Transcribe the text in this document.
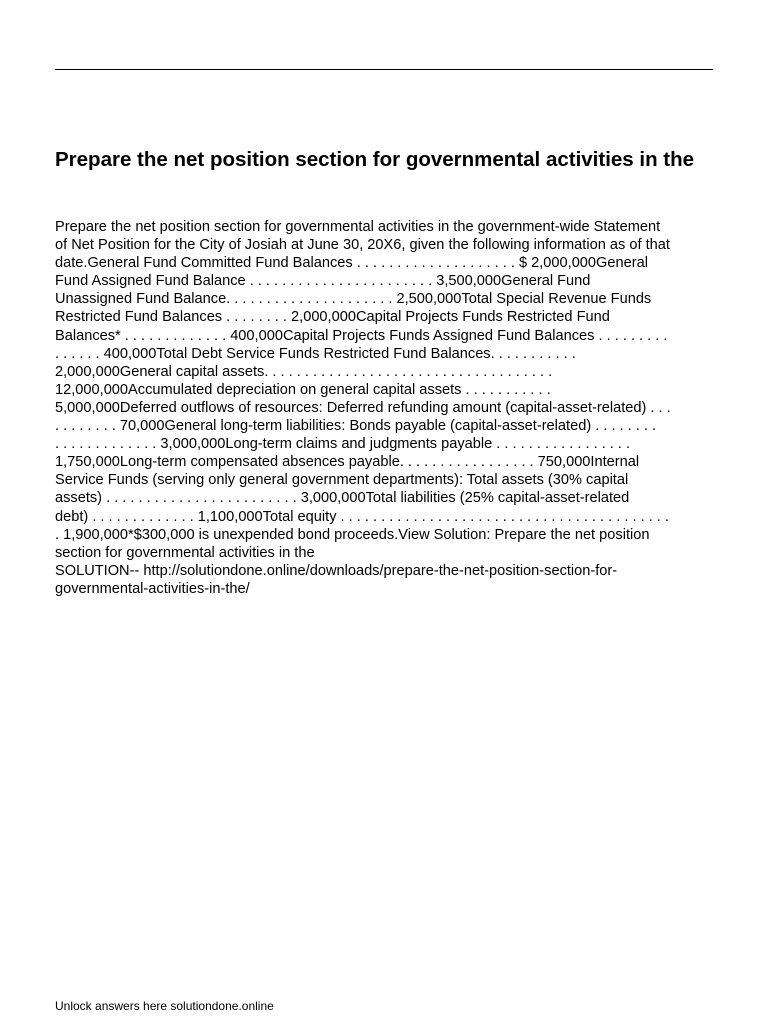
Prepare the net position section for governmental activities in the

Prepare the net position section for governmental activities in the government-wide Statement
of Net Position for the City of Josiah at June 30, 20X6, given the following information as of that
date.General Fund Committed Fund Balances . . . . . . . . . . . . . . . . . . . . $ 2,000,000General
Fund Assigned Fund Balance . . . . . . . . . . . . . . . . . . . . . . . 3,500,000General Fund
Unassigned Fund Balance. . . . . . . . . . . . . . . . . . . . . 2,500,000Total Special Revenue Funds
Restricted Fund Balances . . . . . . . . 2,000,000Capital Projects Funds Restricted Fund
Balances* . . . . . . . . . . . . . 400,000Capital Projects Funds Assigned Fund Balances . . . . . . . . .
. . . . . . 400,000Total Debt Service Funds Restricted Fund Balances. . . . . . . . . . .
2,000,000General capital assets. . . . . . . . . . . . . . . . . . . . . . . . . . . . . . . . . . . .
12,000,000Accumulated depreciation on general capital assets . . . . . . . . . . .
5,000,000Deferred outflows of resources: Deferred refunding amount (capital-asset-related) . . .
. . . . . . . . 70,000General long-term liabilities: Bonds payable (capital-asset-related) . . . . . . . .
. . . . . . . . . . . . . 3,000,000Long-term claims and judgments payable . . . . . . . . . . . . . . . . .
1,750,000Long-term compensated absences payable. . . . . . . . . . . . . . . . . 750,000Internal
Service Funds (serving only general government departments): Total assets (30% capital
assets) . . . . . . . . . . . . . . . . . . . . . . . . 3,000,000Total liabilities (25% capital-asset-related
debt) . . . . . . . . . . . . . 1,100,000Total equity . . . . . . . . . . . . . . . . . . . . . . . . . . . . . . . . . . . . . . . . .
. 1,900,000*$300,000 is unexpended bond proceeds.View Solution: Prepare the net position
section for governmental activities in the
SOLUTION-- http://solutiondone.online/downloads/prepare-the-net-position-section-for-
governmental-activities-in-the/

Unlock answers here solutiondone.online
